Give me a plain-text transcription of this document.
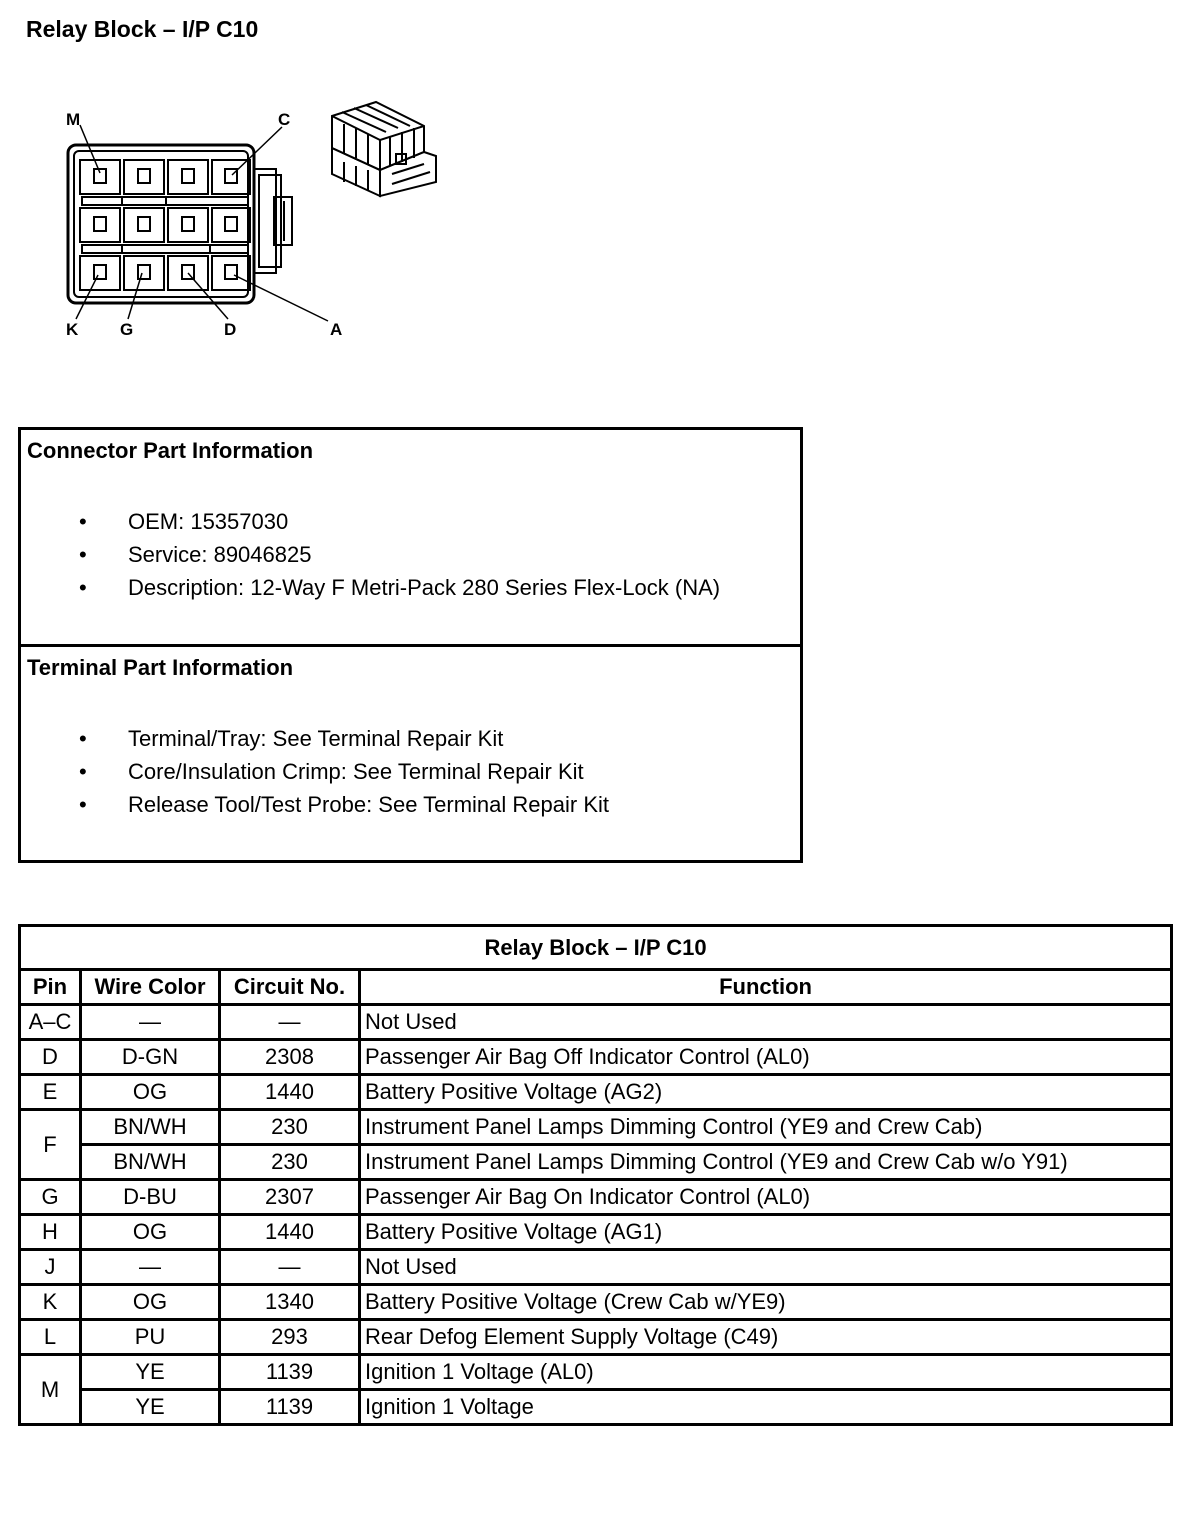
Relay Block – I/P C10
M	C
K G	D	A
Connector Part Information
• OEM: 15357030
• Service: 89046825
• Description: 12-Way F Metri-Pack 280 Series Flex-Lock (NA)
Terminal Part Information
• Terminal/Tray: See Terminal Repair Kit
• Core/Insulation Crimp: See Terminal Repair Kit
• Release Tool/Test Probe: See Terminal Repair Kit
Relay Block – I/P C10			
Pin	Wire Color	Circuit No.	Function
A–C	—	—	Not Used
D	D-GN	2308	Passenger Air Bag Off Indicator Control (AL0)
E	OG	1440	Battery Positive Voltage (AG2)
F	BN/WH	230	Instrument Panel Lamps Dimming Control (YE9 and Crew Cab)
	BN/WH	230	Instrument Panel Lamps Dimming Control (YE9 and Crew Cab w/o Y91)
G	D-BU	2307	Passenger Air Bag On Indicator Control (AL0)
H	OG	1440	Battery Positive Voltage (AG1)
J	—	—	Not Used
K	OG	1340	Battery Positive Voltage (Crew Cab w/YE9)
L	PU	293	Rear Defog Element Supply Voltage (C49)
M	YE	1139	Ignition 1 Voltage (AL0)
	YE	1139	Ignition 1 Voltage
